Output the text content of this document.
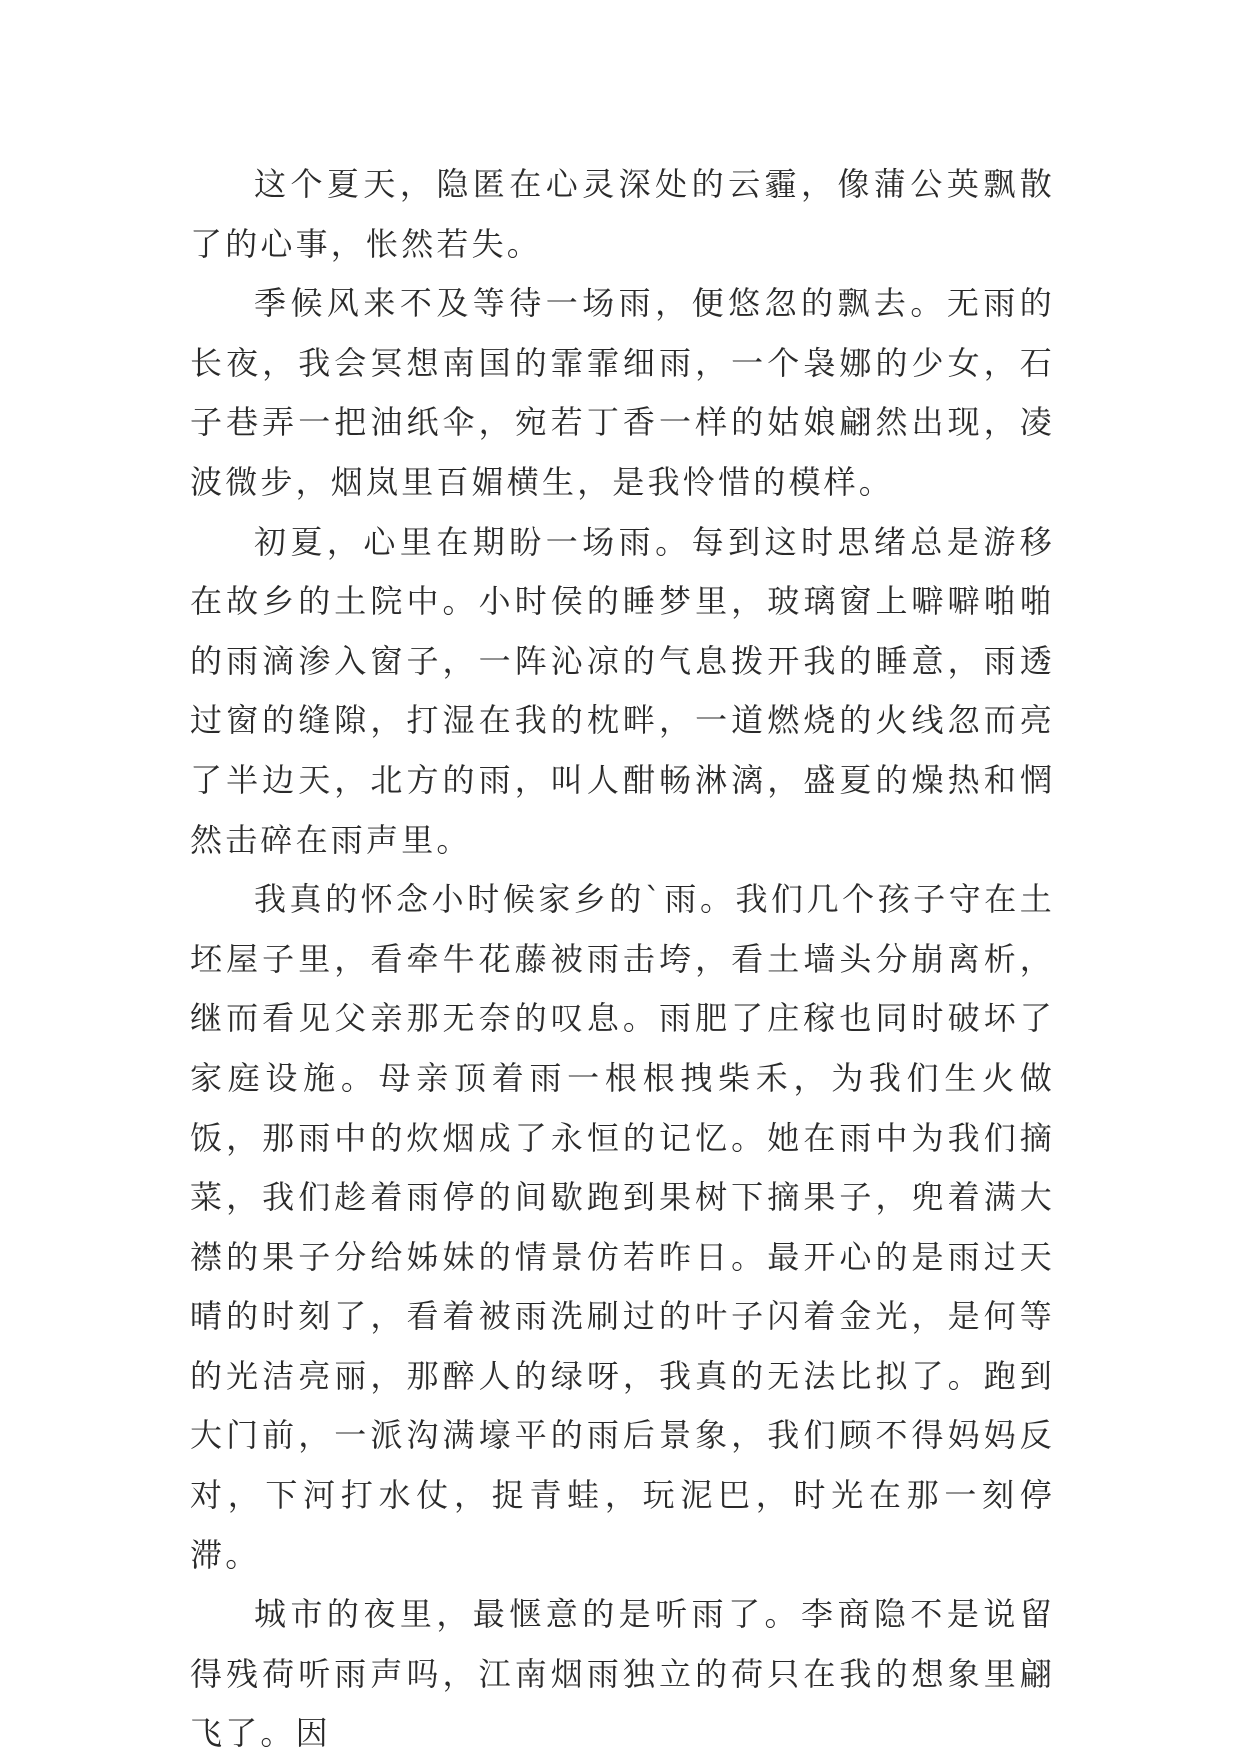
这个夏天，隐匿在心灵深处的云霾，像蒲公英飘散了的心事，怅然若失。

季候风来不及等待一场雨，便悠忽的飘去。无雨的长夜，我会冥想南国的霏霏细雨，一个袅娜的少女，石子巷弄一把油纸伞，宛若丁香一样的姑娘翩然出现，凌波微步，烟岚里百媚横生，是我怜惜的模样。

初夏，心里在期盼一场雨。每到这时思绪总是游移在故乡的土院中。小时侯的睡梦里，玻璃窗上噼噼啪啪的雨滴渗入窗子，一阵沁凉的气息拨开我的睡意，雨透过窗的缝隙，打湿在我的枕畔，一道燃烧的火线忽而亮了半边天，北方的雨，叫人酣畅淋漓，盛夏的燥热和惘然击碎在雨声里。

我真的怀念小时候家乡的`雨。我们几个孩子守在土坯屋子里，看牵牛花藤被雨击垮，看土墙头分崩离析，继而看见父亲那无奈的叹息。雨肥了庄稼也同时破坏了家庭设施。母亲顶着雨一根根拽柴禾，为我们生火做饭，那雨中的炊烟成了永恒的记忆。她在雨中为我们摘菜，我们趁着雨停的间歇跑到果树下摘果子，兜着满大襟的果子分给姊妹的情景仿若昨日。最开心的是雨过天晴的时刻了，看着被雨洗刷过的叶子闪着金光，是何等的光洁亮丽，那醉人的绿呀，我真的无法比拟了。跑到大门前，一派沟满壕平的雨后景象，我们顾不得妈妈反对，下河打水仗，捉青蛙，玩泥巴，时光在那一刻停滞。

城市的夜里，最惬意的是听雨了。李商隐不是说留得残荷听雨声吗，江南烟雨独立的荷只在我的想象里翩飞了。因
